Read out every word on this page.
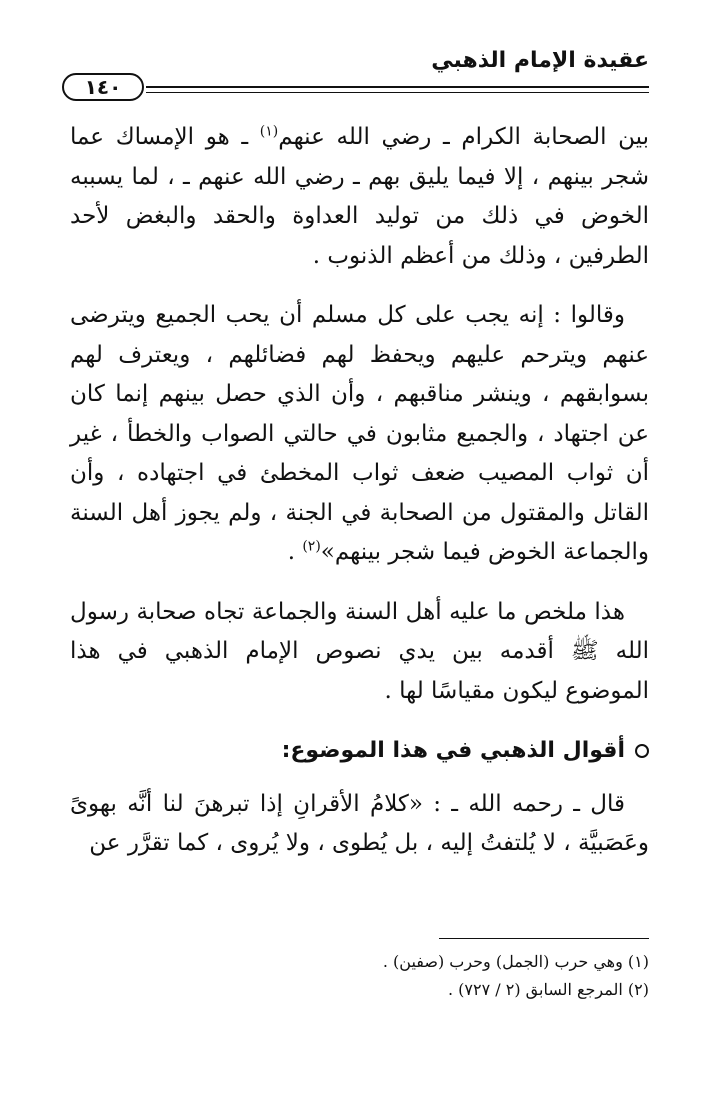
عقيدة الإمام الذهبي
١٤٠

بين الصحابة الكرام ـ رضي الله عنهم$^{(١)}$ ـ هو الإمساك عما شجر بينهم ، إلا فيما يليق بهم ـ رضي الله عنهم ـ ، لما يسببه الخوض في ذلك من توليد العداوة والحقد والبغض لأحد الطرفين ، وذلك من أعظم الذنوب .

وقالوا : إنه يجب على كل مسلم أن يحب الجميع ويترضى عنهم ويترحم عليهم ويحفظ لهم فضائلهم ، ويعترف لهم بسوابقهم ، وينشر مناقبهم ، وأن الذي حصل بينهم إنما كان عن اجتهاد ، والجميع مثابون في حالتي الصواب والخطأ ، غير أن ثواب المصيب ضعف ثواب المخطئ في اجتهاده ، وأن القاتل والمقتول من الصحابة في الجنة ، ولم يجوز أهل السنة والجماعة الخوض فيما شجر بينهم»$^{(٢)}$ .

هذا ملخص ما عليه أهل السنة والجماعة تجاه صحابة رسول الله ﷺ أقدمه بين يدي نصوص الإمام الذهبي في هذا الموضوع ليكون مقياسًا لها .

أقوال الذهبي في هذا الموضوع:

قال ـ رحمه الله ـ : «كلامُ الأقرانِ إذا تبرهنَ لنا أنَّه بهوىً وعَصَبيَّة ، لا يُلتفتُ إليه ، بل يُطوى ، ولا يُروى ، كما تقرَّر عن

(١) وهي حرب (الجمل) وحرب (صفين) .
(٢) المرجع السابق (٢ / ٧٢٧) .
